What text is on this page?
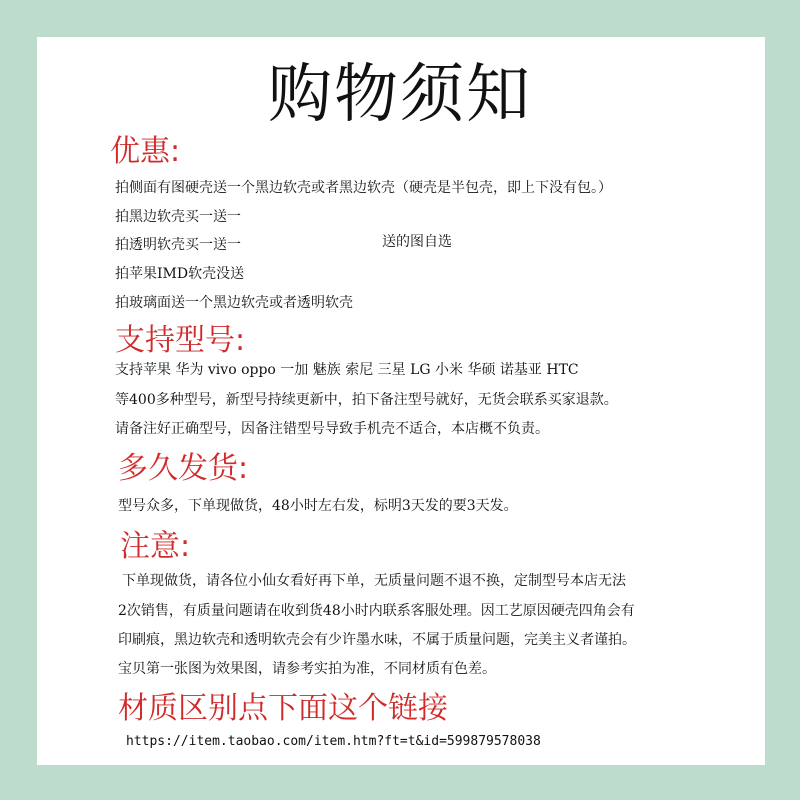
购物须知
优惠:
拍侧面有图硬壳送一个黑边软壳或者黑边软壳（硬壳是半包壳，即上下没有包。）
拍黑边软壳买一送一
拍透明软壳买一送一	送的图自选
拍苹果IMD软壳没送
拍玻璃面送一个黑边软壳或者透明软壳
支持型号:
支持苹果 华为 vivo oppo 一加 魅族 索尼 三星 LG 小米 华硕 诺基亚 HTC
等400多种型号，新型号持续更新中，拍下备注型号就好，无货会联系买家退款。
请备注好正确型号，因备注错型号导致手机壳不适合，本店概不负责。
多久发货:
型号众多，下单现做货，48小时左右发，标明3天发的要3天发。
注意:
下单现做货，请各位小仙女看好再下单，无质量问题不退不换，定制型号本店无法
2次销售，有质量问题请在收到货48小时内联系客服处理。因工艺原因硬壳四角会有
印刷痕，黑边软壳和透明软壳会有少许墨水味，不属于质量问题，完美主义者谨拍。
宝贝第一张图为效果图，请参考实拍为准，不同材质有色差。
材质区别点下面这个链接
https://item.taobao.com/item.htm?ft=t&id=599879578038
